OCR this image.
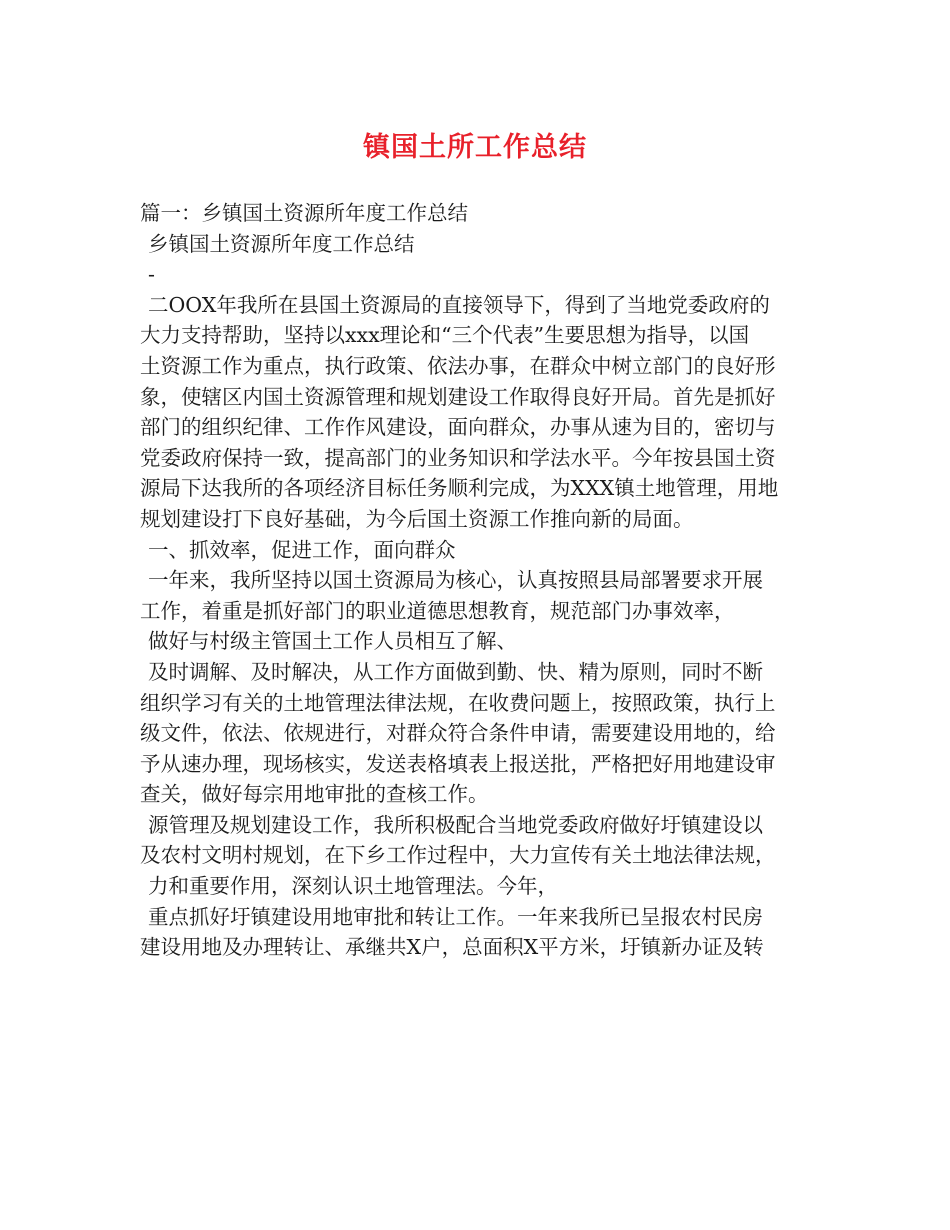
镇国土所工作总结
篇一：乡镇国土资源所年度工作总结
乡镇国土资源所年度工作总结
-
二OOX年我所在县国土资源局的直接领导下，得到了当地党委政府的
大力支持帮助，坚持以xxx理论和“三个代表”生要思想为指导，以国
土资源工作为重点，执行政策、依法办事，在群众中树立部门的良好形
象，使辖区内国土资源管理和规划建设工作取得良好开局。首先是抓好
部门的组织纪律、工作作风建设，面向群众，办事从速为目的，密切与
党委政府保持一致，提高部门的业务知识和学法水平。今年按县国土资
源局下达我所的各项经济目标任务顺利完成，为XXX镇土地管理，用地
规划建设打下良好基础，为今后国土资源工作推向新的局面。
一、抓效率，促进工作，面向群众
一年来，我所坚持以国土资源局为核心，认真按照县局部署要求开展
工作，着重是抓好部门的职业道德思想教育，规范部门办事效率，
做好与村级主管国土工作人员相互了解、
及时调解、及时解决，从工作方面做到勤、快、精为原则，同时不断
组织学习有关的土地管理法律法规，在收费问题上，按照政策，执行上
级文件，依法、依规进行，对群众符合条件申请，需要建设用地的，给
予从速办理，现场核实，发送表格填表上报送批，严格把好用地建设审
查关，做好每宗用地审批的查核工作。
源管理及规划建设工作，我所积极配合当地党委政府做好圩镇建设以
及农村文明村规划，在下乡工作过程中，大力宣传有关土地法律法规，
力和重要作用，深刻认识土地管理法。今年，
重点抓好圩镇建设用地审批和转让工作。一年来我所已呈报农村民房
建设用地及办理转让、承继共X户，总面积X平方米，圩镇新办证及转
